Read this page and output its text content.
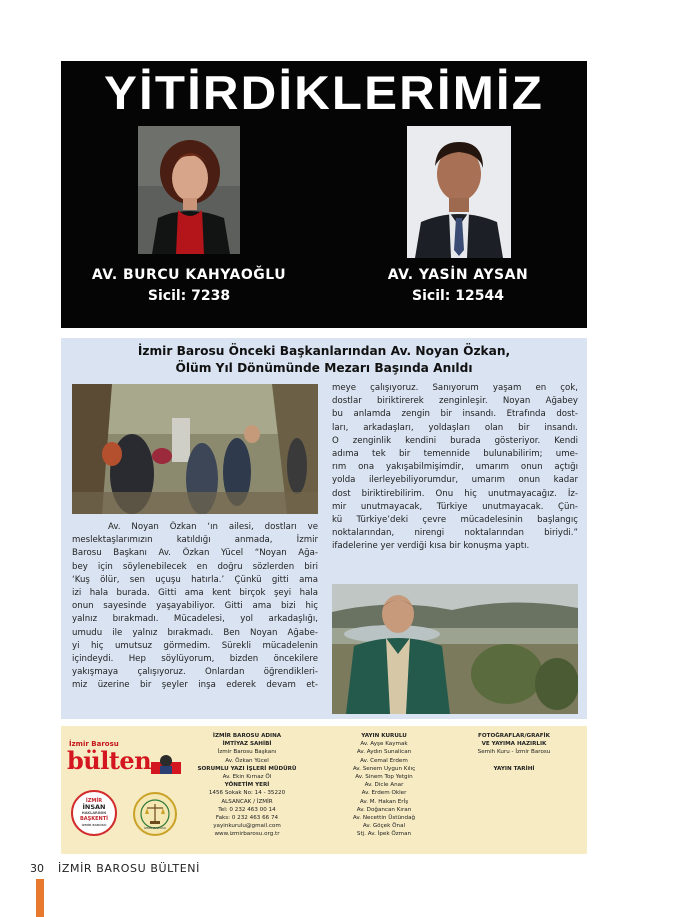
YİTİRDİKLERİMİZ
AV. BURCU KAHYAOĞLU
Sicil: 7238
AV. YASİN AYSAN
Sicil: 12544
İzmir Barosu Önceki Başkanlarından Av. Noyan Özkan,
Ölüm Yıl Dönümünde Mezarı Başında Anıldı
Av. Noyan Özkan ‘ın ailesi, dostları ve
meslektaşlarımızın katıldığı anmada, İzmir
Barosu Başkanı Av. Özkan Yücel “Noyan Ağa-
bey için söylenebilecek en doğru sözlerden biri
‘Kuş ölür, sen uçuşu hatırla.’ Çünkü gitti ama
izi hala burada. Gitti ama kent birçok şeyi hala
onun sayesinde yaşayabiliyor. Gitti ama bizi hiç
yalnız bırakmadı. Mücadelesi, yol arkadaşlığı,
umudu ile yalnız bırakmadı. Ben Noyan Ağabe-
yi hiç umutsuz görmedim. Sürekli mücadelenin
içindeydi. Hep söylüyorum, bizden öncekilere
yakışmaya çalışıyoruz. Onlardan öğrendikleri-
miz üzerine bir şeyler inşa ederek devam et-
meye çalışıyoruz. Sanıyorum yaşam en çok,
dostlar biriktirerek zenginleşir. Noyan Ağabey
bu anlamda zengin bir insandı. Etrafında dost-
ları, arkadaşları, yoldaşları olan bir insandı.
O zenginlik kendini burada gösteriyor. Kendi
adıma tek bir temennide bulunabilirim; ume-
rım ona yakışabilmişimdir, umarım onun açtığı
yolda ilerleyebiliyorumdur, umarım onun kadar
dost biriktirebilirim. Onu hiç unutmayacağız. İz-
mir unutmayacak, Türkiye unutmayacak. Çün-
kü Türkiye’deki çevre mücadelesinin başlangıç
noktalarından, nirengi noktalarından biriydi.”
ifadelerine yer verdiği kısa bir konuşma yaptı.
İzmir Barosu
bülten
İZMİR
İNSAN
HAKLARININ
BAŞKENTİ
İZMİR BAROSU
İZMİR BAROSU
İZMİR BAROSU ADINA
İMTİYAZ SAHİBİ
İzmir Barosu Başkanı
Av. Özkan Yücel
SORUMLU YAZI İŞLERİ MÜDÜRÜ
Av. Ekin Kırnaz Öl
YÖNETİM YERİ
1456 Sokak No: 14 - 35220
ALSANCAK / İZMİR
Tel: 0 232 463 00 14
Faks: 0 232 463 66 74
yayinkurulu@gmail.com
www.izmirbarosu.org.tr
YAYIN KURULU
Av. Ayşe Kaymak
Av. Aydın Sunalican
Av. Cemal Erdem
Av. Senem Uygun Kılıç
Av. Sinem Top Yetgin
Av. Dicle Anar
Av. Erdem Okler
Av. M. Hakan Erİş
Av. Doğancan Kıran
Av. Necettin Üstündağ
Av. Göçek Önal
Stj. Av. İpek Özman
FOTOĞRAFLAR/GRAFİK
VE YAYIMA HAZIRLIK
Semih Kuru - İzmir Barosu
YAYIN TARİHİ
30 İZMİR BAROSU BÜLTENİ
